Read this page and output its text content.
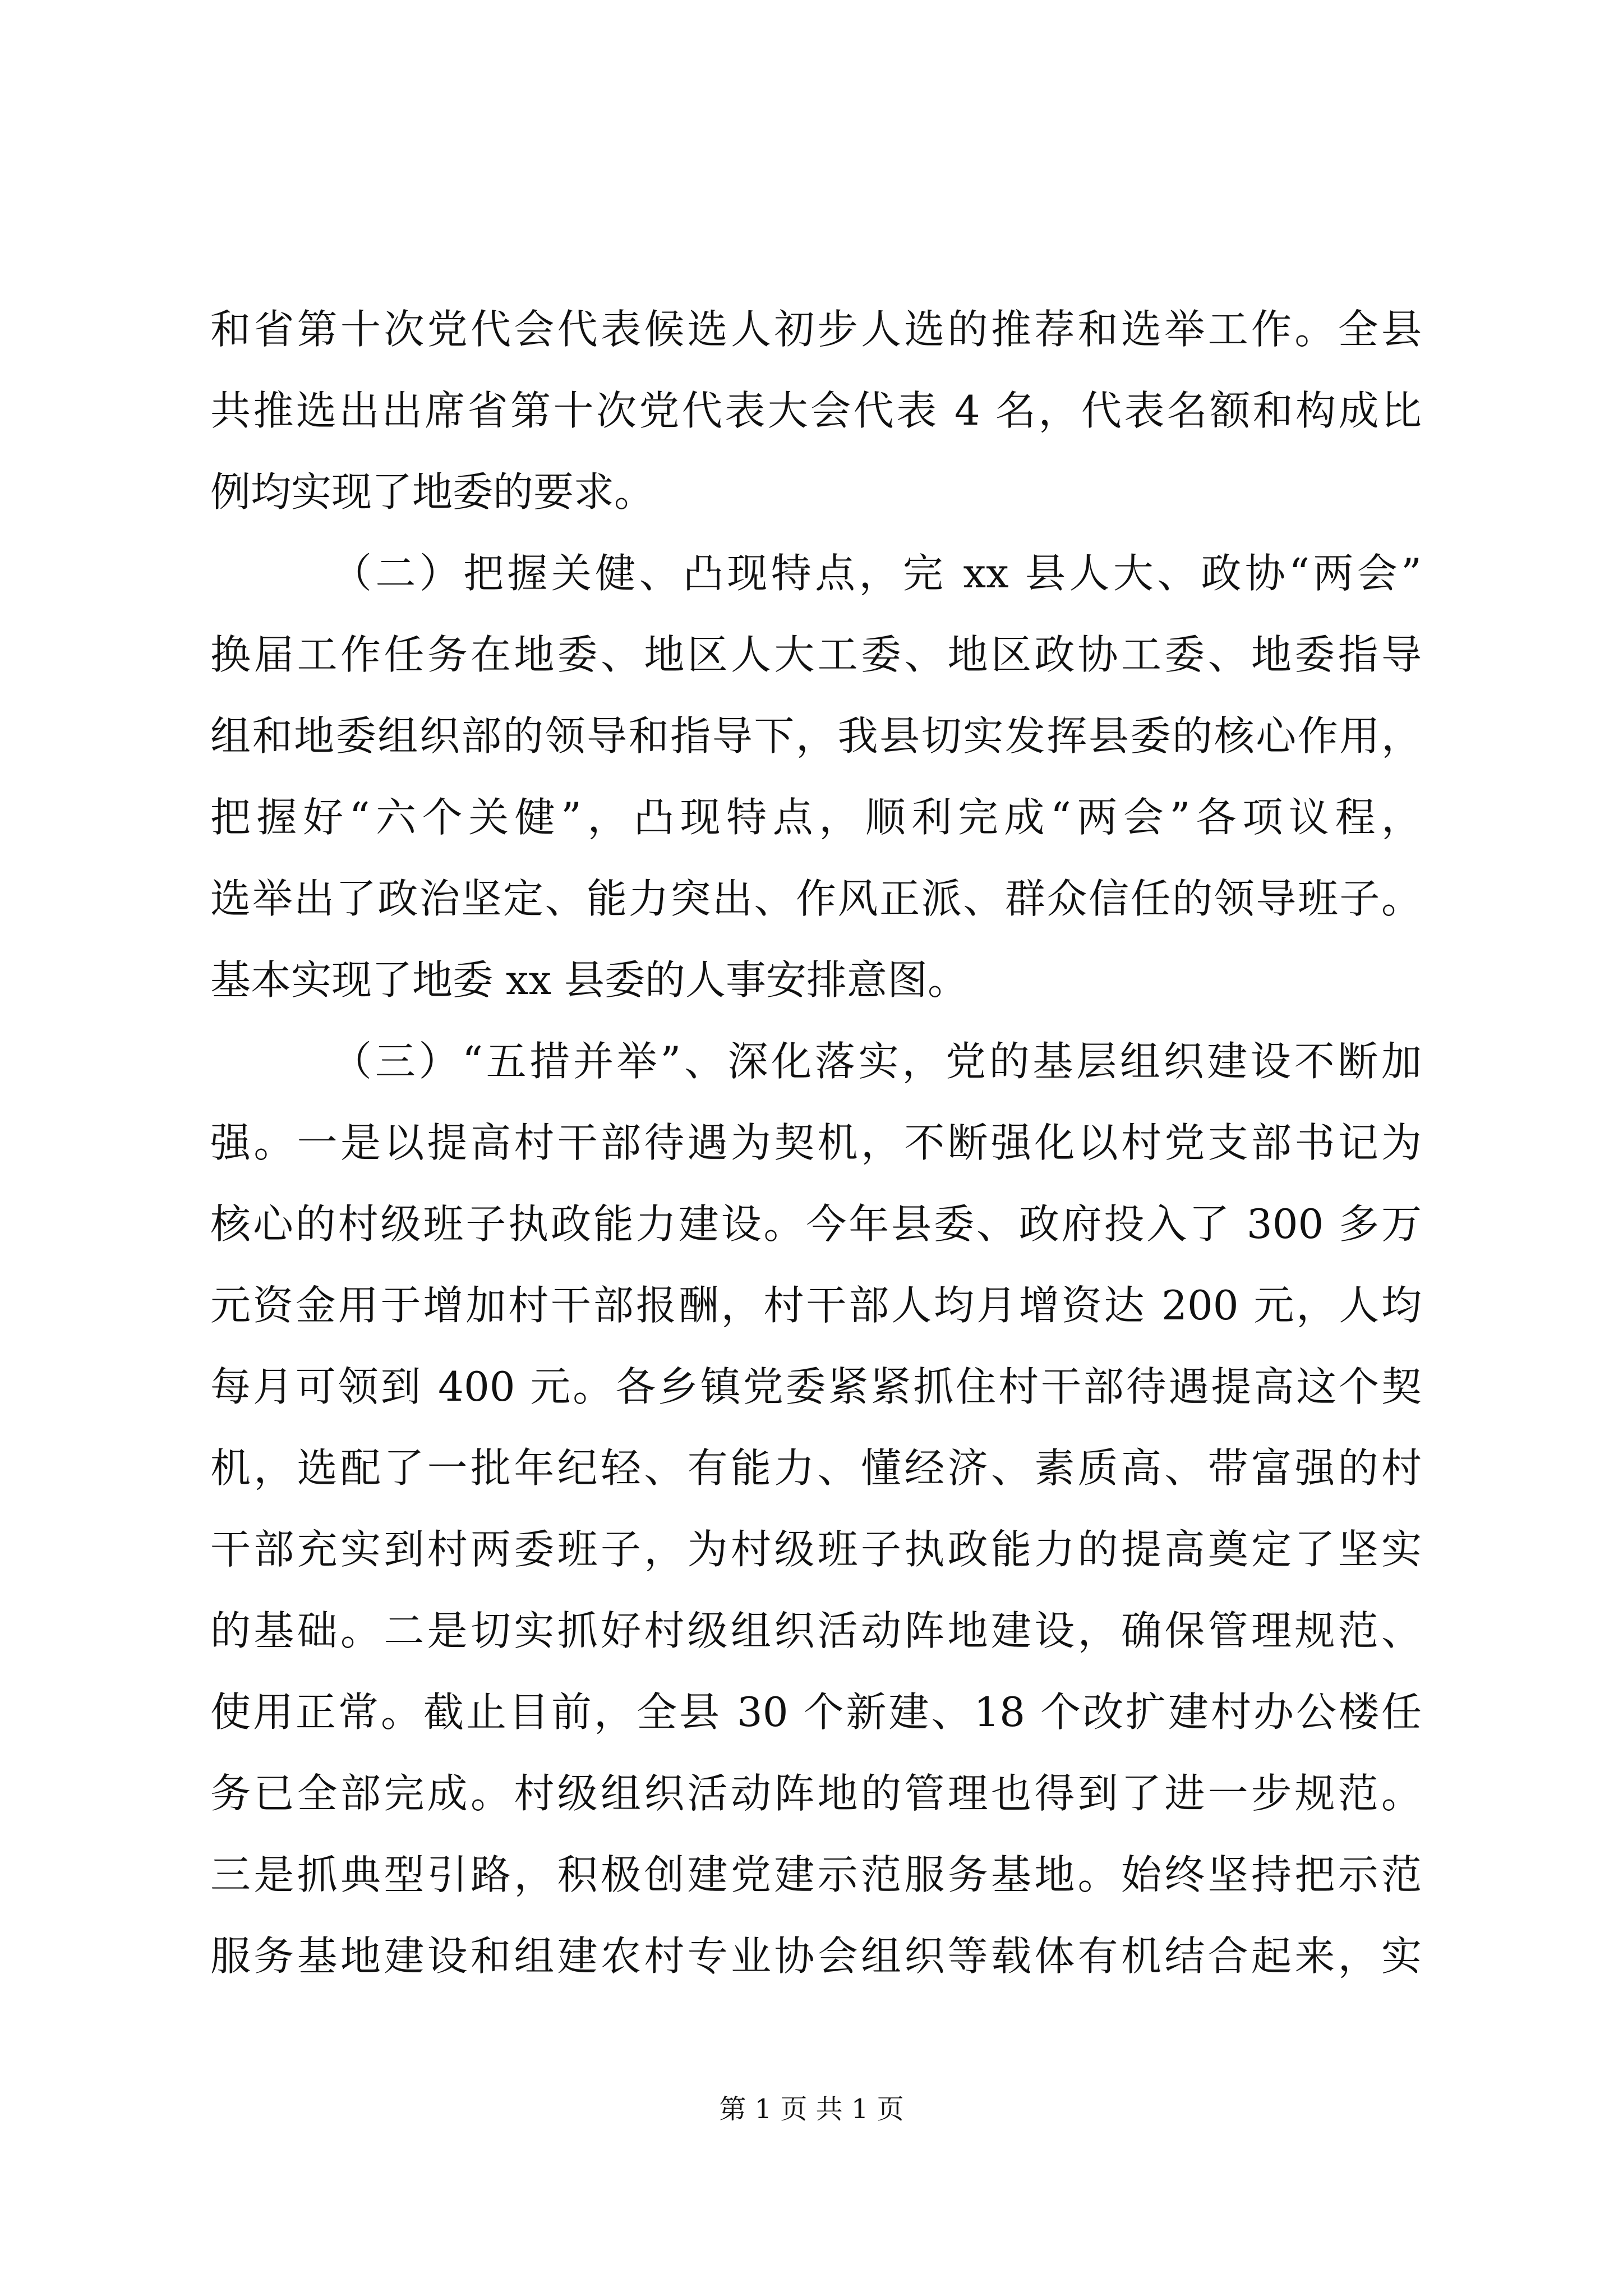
和省第十次党代会代表候选人初步人选的推荐和选举工作。全县
共推选出出席省第十次党代表大会代表 4 名，代表名额和构成比
例均实现了地委的要求。
（二）把握关健、凸现特点，完 xx 县人大、政协“两会”
换届工作任务在地委、地区人大工委、地区政协工委、地委指导
组和地委组织部的领导和指导下，我县切实发挥县委的核心作用，
把握好“六个关健”，凸现特点，顺利完成“两会”各项议程，
选举出了政治坚定、能力突出、作风正派、群众信任的领导班子。
基本实现了地委 xx 县委的人事安排意图。
（三）“五措并举”、深化落实，党的基层组织建设不断加
强。一是以提高村干部待遇为契机，不断强化以村党支部书记为
核心的村级班子执政能力建设。今年县委、政府投入了 300 多万
元资金用于增加村干部报酬，村干部人均月增资达 200 元，人均
每月可领到 400 元。各乡镇党委紧紧抓住村干部待遇提高这个契
机，选配了一批年纪轻、有能力、懂经济、素质高、带富强的村
干部充实到村两委班子，为村级班子执政能力的提高奠定了坚实
的基础。二是切实抓好村级组织活动阵地建设，确保管理规范、
使用正常。截止目前，全县 30 个新建、18 个改扩建村办公楼任
务已全部完成。村级组织活动阵地的管理也得到了进一步规范。
三是抓典型引路，积极创建党建示范服务基地。始终坚持把示范
服务基地建设和组建农村专业协会组织等载体有机结合起来，实
第 1 页 共 1 页
